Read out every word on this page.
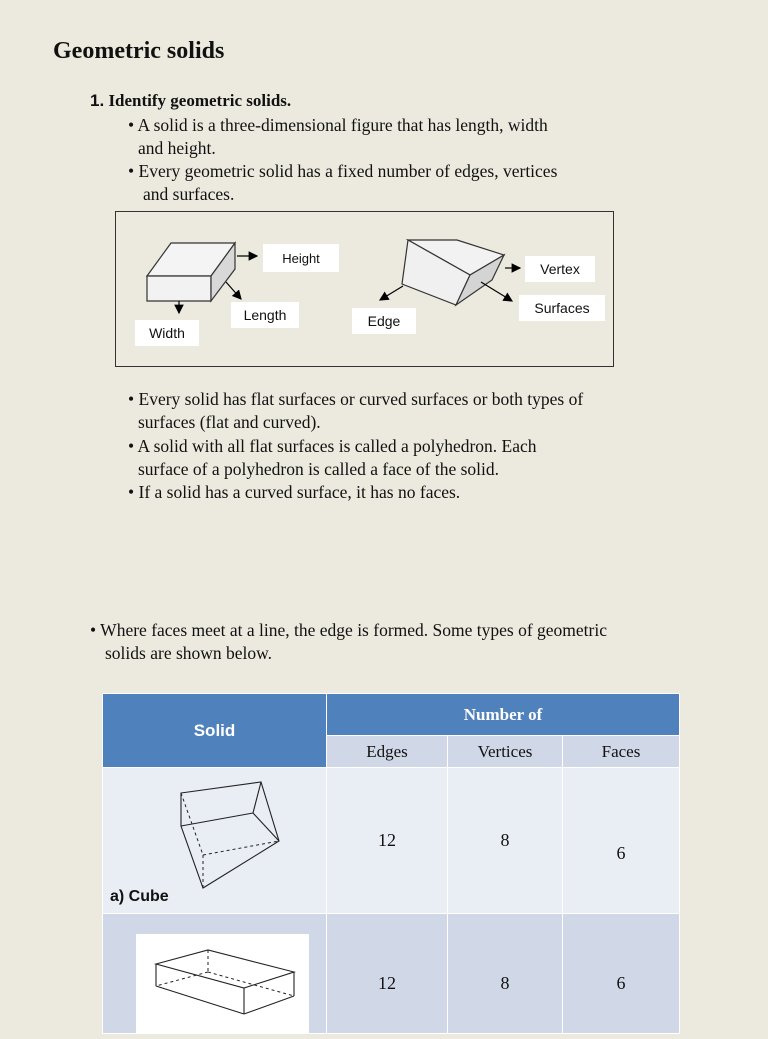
Geometric solids
1. Identify geometric solids.
• A solid is a three-dimensional figure that has length, width
and height.
• Every geometric solid has a fixed number of edges, vertices
and surfaces.
Height
Length
Width
Vertex
Surfaces
Edge
• Every solid has flat surfaces or curved surfaces or both types of
surfaces (flat and curved).
• A solid with all flat surfaces is called a polyhedron. Each
surface of a polyhedron is called a face of the solid.
• If a solid has a curved surface, it has no faces.
• Where faces meet at a line, the edge is formed. Some types of geometric
solids are shown below.
Solid	Number of		
	Edges	Vertices	Faces

a) Cube	12	8	6

	12	8	6
